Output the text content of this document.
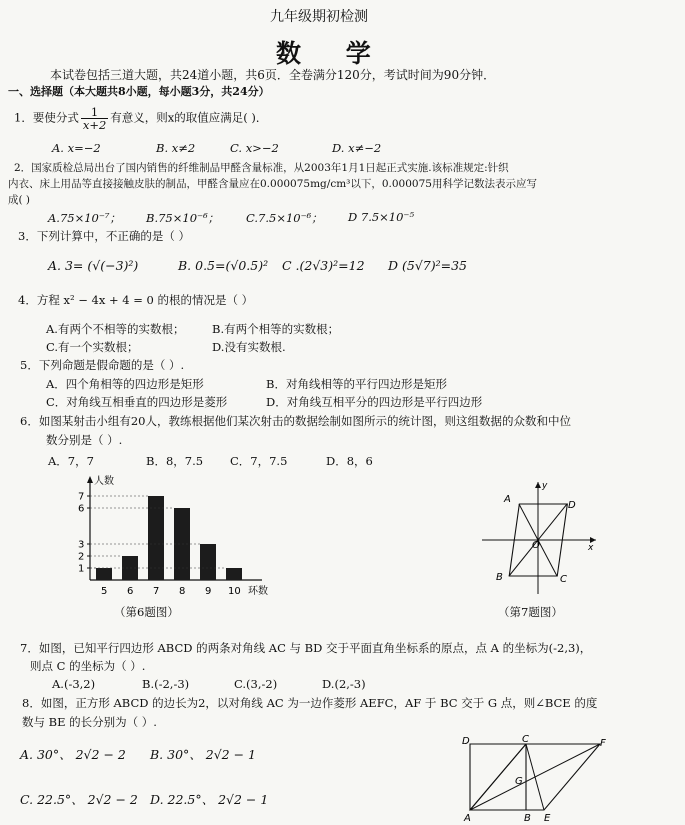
九年级期初检测
数 学
本试卷包括三道大题，共24道小题，共6页．全卷满分120分，考试时间为90分钟．
一、选择题（本大题共8小题，每小题3分，共24分）
1．要使分式 $\frac{1}{x+2}$ 有意义，则x的取值应满足( )．
A. x=−2	B. x≠2	C. x>−2	D. x≠−2
2．国家质检总局出台了国内销售的纤维制品甲醛含量标准，从2003年1月1日起正式实施.该标准规定:针织
内衣、床上用品等直接接触皮肤的制品，甲醛含量应在0.000075mg/cm³以下，0.000075用科学记数法表示应写
成( )
A.75×10⁻⁷； B.75×10⁻⁶； C.7.5×10⁻⁶； D 7.5×10⁻⁵
3．下列计算中，不正确的是（ ）
A. 3= (√(−3)²)	B. 0.5=(√0.5)² C .(2√3)²=12 D (5√7)²=35
4．方程 x² − 4x + 4 = 0 的根的情况是（ ）
A.有两个不相等的实数根； B.有两个相等的实数根；
C.有一个实数根；	D.没有实数根.
5．下列命题是假命题的是（ ）.
A．四个角相等的四边形是矩形	B．对角线相等的平行四边形是矩形
C．对角线互相垂直的四边形是菱形	D．对角线互相平分的四边形是平行四边形
6．如图某射击小组有20人，教练根据他们某次射击的数据绘制如图所示的统计图，则这组数据的众数和中位
数分别是（ ）.
A．7，7	B．8，7.5 C．7，7.5	D．8，6
人数
1
2
3
6
7
5 6 7 8 9 10 环数
（第6题图）
A
D
B	C
O	x
y
（第7题图）
7．如图，已知平行四边形 ABCD 的两条对角线 AC 与 BD 交于平面直角坐标系的原点，点 A 的坐标为(-2,3)，
则点 C 的坐标为（ ）.
A.(-3,2)	B.(-2,-3)	C.(3,-2)	D.(2,-3)
8．如图，正方形 ABCD 的边长为2，以对角线 AC 为一边作菱形 AEFC，AF 于 BC 交于 G 点，则∠BCE 的度
数与 BE 的长分别为（ ）.
A. 30°、 2√2 − 2 B. 30°、 2√2 − 1
C. 22.5°、 2√2 − 2 D. 22.5°、 2√2 − 1
D	C	F
G
A	B E
